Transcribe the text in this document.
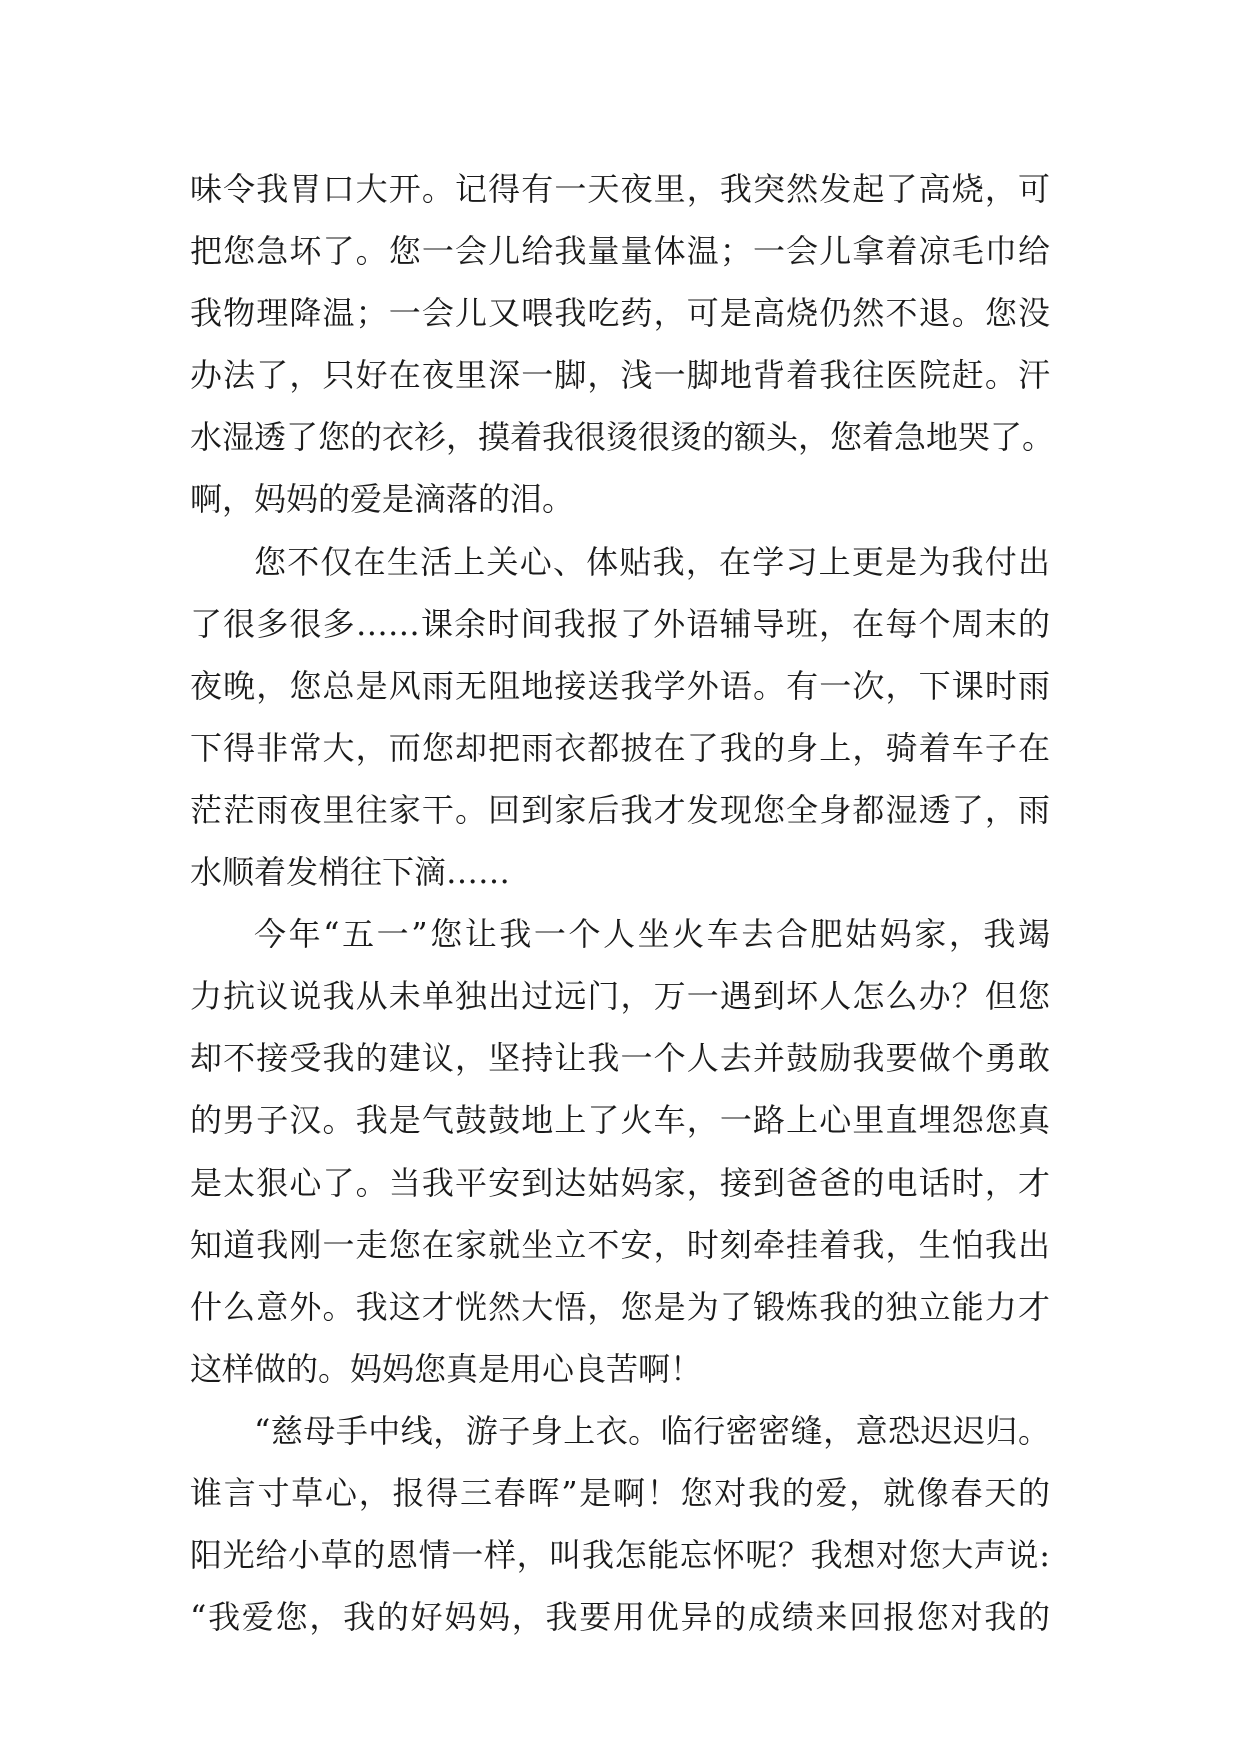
味令我胃口大开。记得有一天夜里，我突然发起了高烧，可
把您急坏了。您一会儿给我量量体温；一会儿拿着凉毛巾给
我物理降温；一会儿又喂我吃药，可是高烧仍然不退。您没
办法了，只好在夜里深一脚，浅一脚地背着我往医院赶。汗
水湿透了您的衣衫，摸着我很烫很烫的额头，您着急地哭了。
啊，妈妈的爱是滴落的泪。
您不仅在生活上关心、体贴我，在学习上更是为我付出
了很多很多……课余时间我报了外语辅导班，在每个周末的
夜晚，您总是风雨无阻地接送我学外语。有一次，下课时雨
下得非常大，而您却把雨衣都披在了我的身上，骑着车子在
茫茫雨夜里往家干。回到家后我才发现您全身都湿透了，雨
水顺着发梢往下滴……
今年“五一”您让我一个人坐火车去合肥姑妈家，我竭
力抗议说我从未单独出过远门，万一遇到坏人怎么办？但您
却不接受我的建议，坚持让我一个人去并鼓励我要做个勇敢
的男子汉。我是气鼓鼓地上了火车，一路上心里直埋怨您真
是太狠心了。当我平安到达姑妈家，接到爸爸的电话时，才
知道我刚一走您在家就坐立不安，时刻牵挂着我，生怕我出
什么意外。我这才恍然大悟，您是为了锻炼我的独立能力才
这样做的。妈妈您真是用心良苦啊！
“慈母手中线，游子身上衣。临行密密缝，意恐迟迟归。
谁言寸草心，报得三春晖”是啊！您对我的爱，就像春天的
阳光给小草的恩情一样，叫我怎能忘怀呢？我想对您大声说:
“我爱您，我的好妈妈，我要用优异的成绩来回报您对我的
